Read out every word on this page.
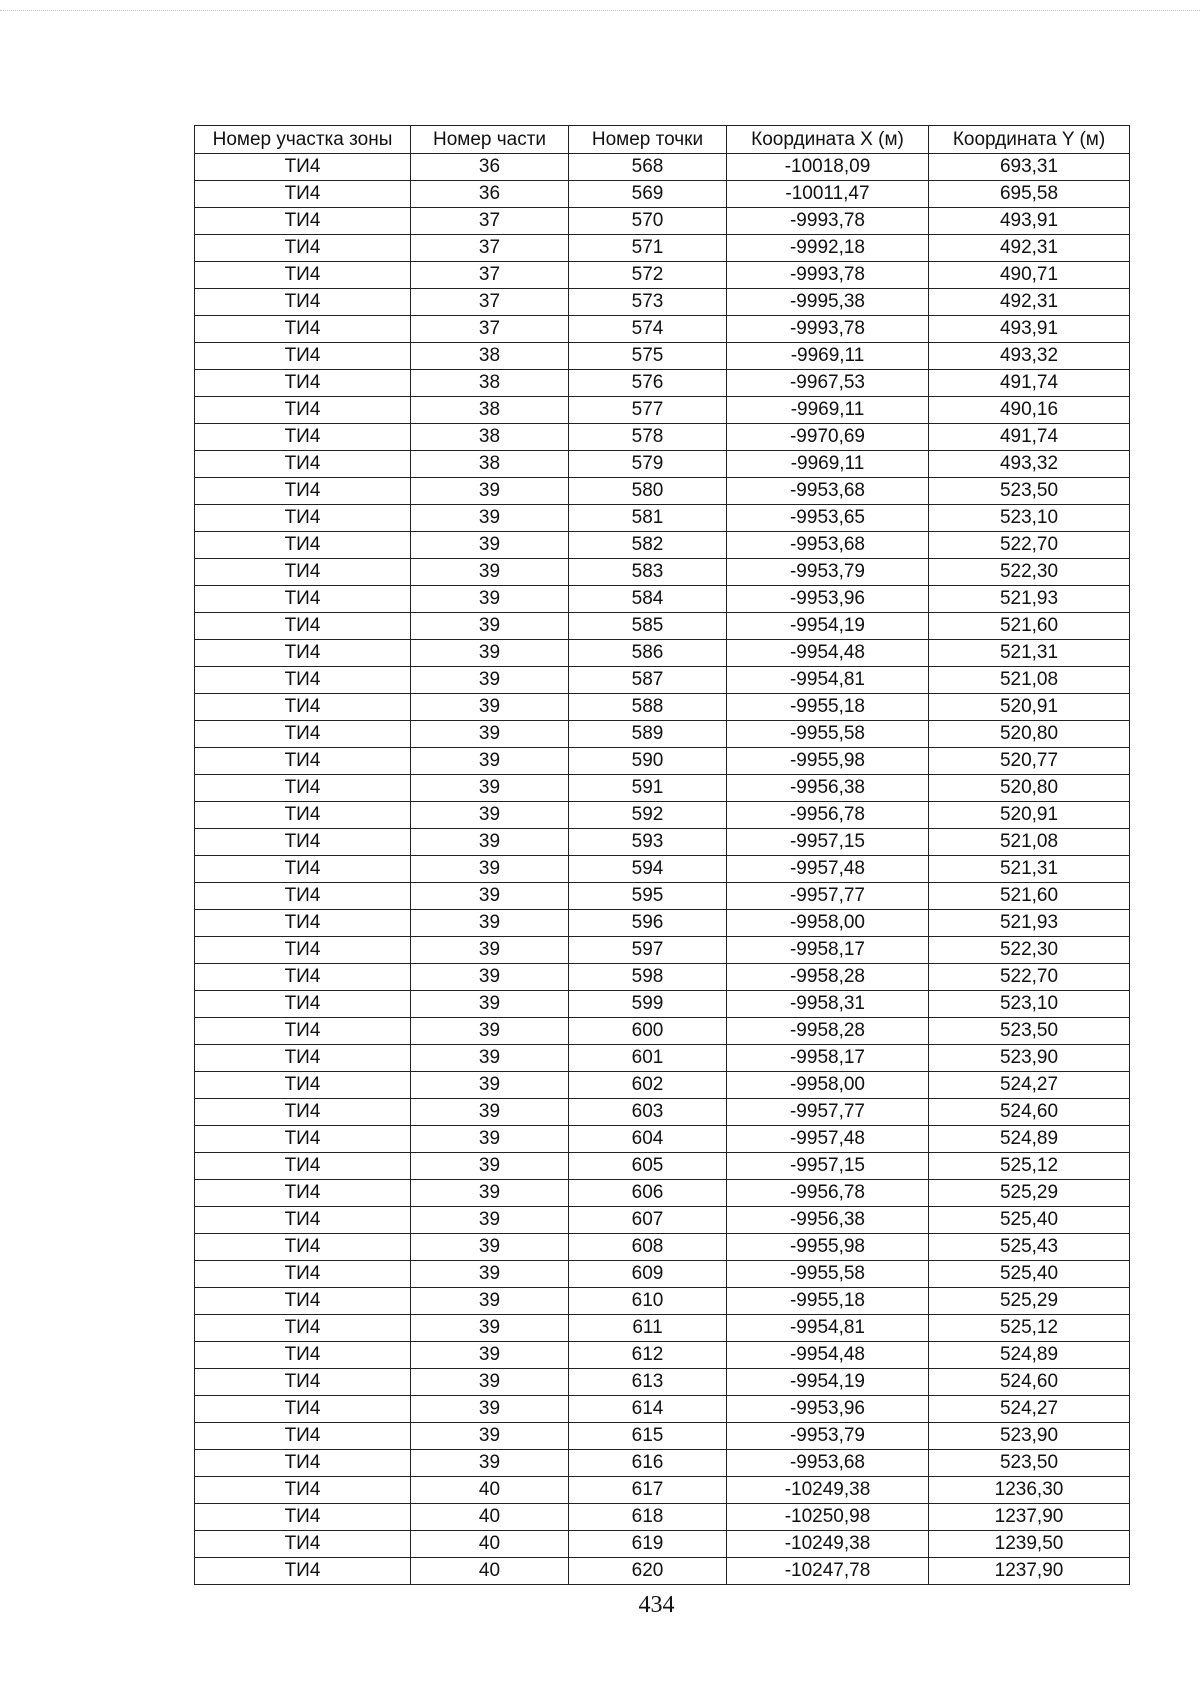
Номер участка зоны	Номер части	Номер точки	Координата X (м)	Координата Y (м)
ТИ4	36	568	-10018,09	693,31
ТИ4	36	569	-10011,47	695,58
ТИ4	37	570	-9993,78	493,91
ТИ4	37	571	-9992,18	492,31
ТИ4	37	572	-9993,78	490,71
ТИ4	37	573	-9995,38	492,31
ТИ4	37	574	-9993,78	493,91
ТИ4	38	575	-9969,11	493,32
ТИ4	38	576	-9967,53	491,74
ТИ4	38	577	-9969,11	490,16
ТИ4	38	578	-9970,69	491,74
ТИ4	38	579	-9969,11	493,32
ТИ4	39	580	-9953,68	523,50
ТИ4	39	581	-9953,65	523,10
ТИ4	39	582	-9953,68	522,70
ТИ4	39	583	-9953,79	522,30
ТИ4	39	584	-9953,96	521,93
ТИ4	39	585	-9954,19	521,60
ТИ4	39	586	-9954,48	521,31
ТИ4	39	587	-9954,81	521,08
ТИ4	39	588	-9955,18	520,91
ТИ4	39	589	-9955,58	520,80
ТИ4	39	590	-9955,98	520,77
ТИ4	39	591	-9956,38	520,80
ТИ4	39	592	-9956,78	520,91
ТИ4	39	593	-9957,15	521,08
ТИ4	39	594	-9957,48	521,31
ТИ4	39	595	-9957,77	521,60
ТИ4	39	596	-9958,00	521,93
ТИ4	39	597	-9958,17	522,30
ТИ4	39	598	-9958,28	522,70
ТИ4	39	599	-9958,31	523,10
ТИ4	39	600	-9958,28	523,50
ТИ4	39	601	-9958,17	523,90
ТИ4	39	602	-9958,00	524,27
ТИ4	39	603	-9957,77	524,60
ТИ4	39	604	-9957,48	524,89
ТИ4	39	605	-9957,15	525,12
ТИ4	39	606	-9956,78	525,29
ТИ4	39	607	-9956,38	525,40
ТИ4	39	608	-9955,98	525,43
ТИ4	39	609	-9955,58	525,40
ТИ4	39	610	-9955,18	525,29
ТИ4	39	611	-9954,81	525,12
ТИ4	39	612	-9954,48	524,89
ТИ4	39	613	-9954,19	524,60
ТИ4	39	614	-9953,96	524,27
ТИ4	39	615	-9953,79	523,90
ТИ4	39	616	-9953,68	523,50
ТИ4	40	617	-10249,38	1236,30
ТИ4	40	618	-10250,98	1237,90
ТИ4	40	619	-10249,38	1239,50
ТИ4	40	620	-10247,78	1237,90
434
